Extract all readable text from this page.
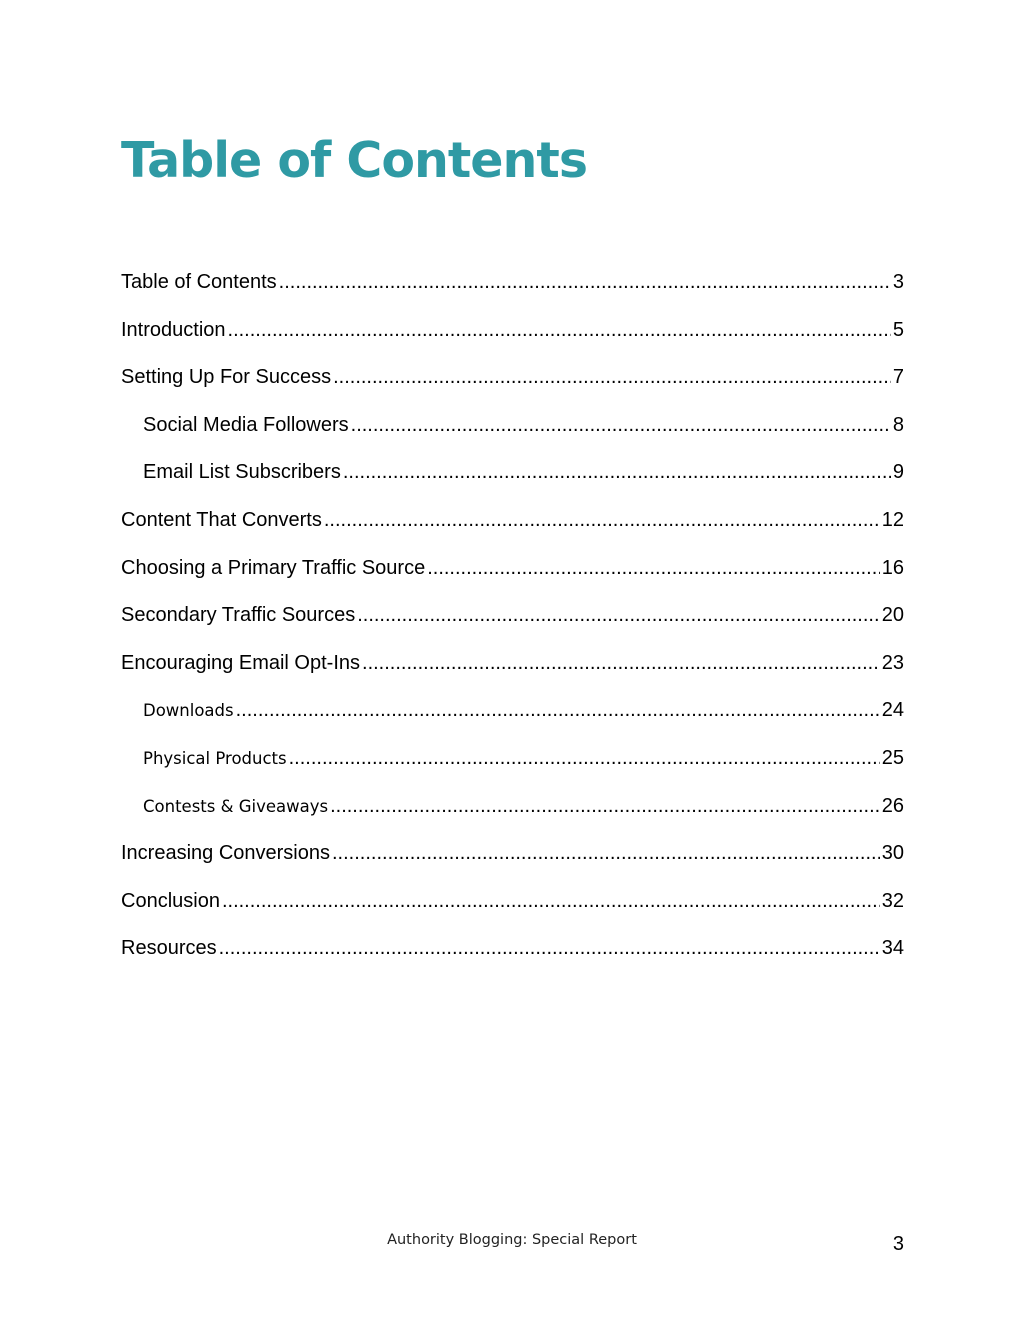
Table of Contents
Table of Contents .....	3
Introduction .....	5
Setting Up For Success .....	7
Social Media Followers .....	8
Email List Subscribers .....	9
Content That Converts .....	12
Choosing a Primary Traffic Source .....	16
Secondary Traffic Sources .....	20
Encouraging Email Opt-Ins .....	23
Downloads .....	24
Physical Products .....	25
Contests & Giveaways .....	26
Increasing Conversions .....	30
Conclusion .....	32
Resources .....	34
Authority Blogging: Special Report	3
